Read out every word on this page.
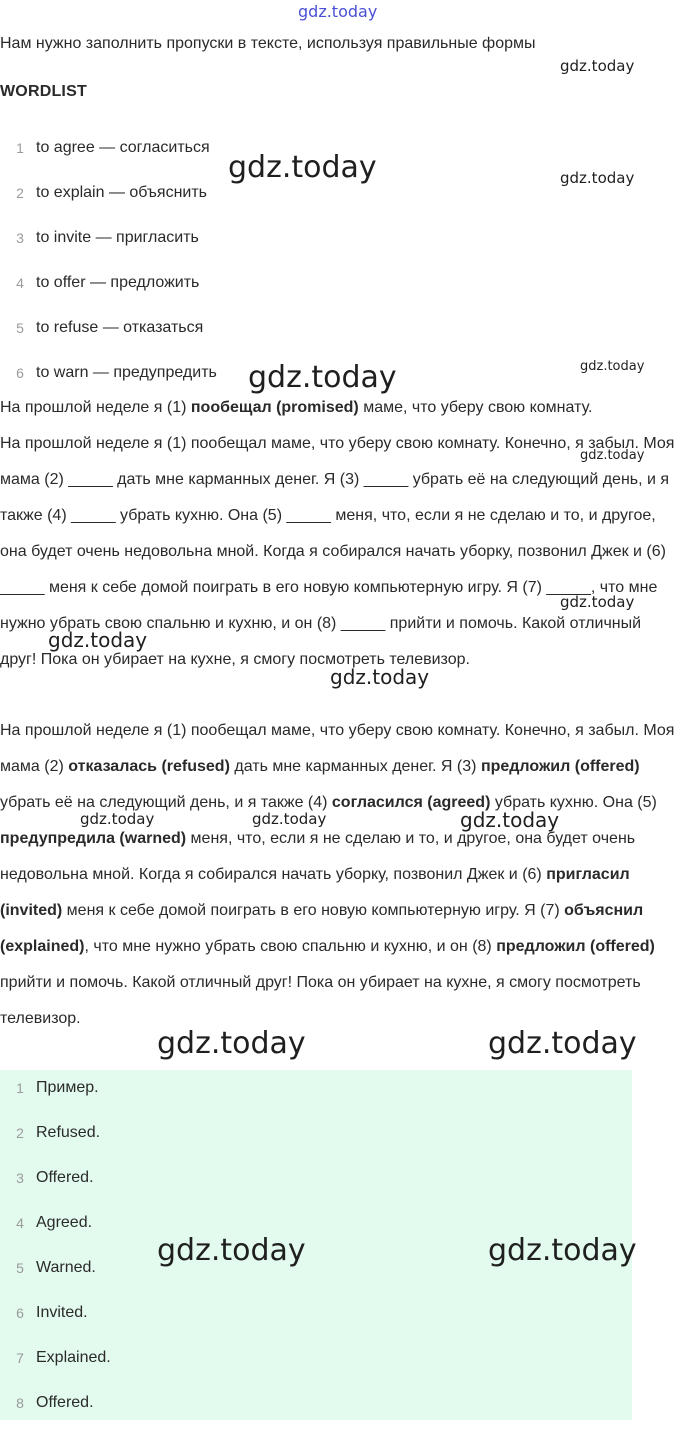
Нам нужно заполнить пропуски в тексте, используя правильные формы
WORDLIST
1 to agree — согласиться
2 to explain — объяснить
3 to invite — пригласить
4 to offer — предложить
5 to refuse — отказаться
6 to warn — предупредить

На прошлой неделе я (1) пообещал (promised) маме, что уберу свою комнату.

На прошлой неделе я (1) пообещал маме, что уберу свою комнату. Конечно, я забыл. Моя мама (2) _____ дать мне карманных денег. Я (3) _____ убрать её на следующий день, и я также (4) _____ убрать кухню. Она (5) _____ меня, что, если я не сделаю и то, и другое, она будет очень недовольна мной. Когда я собирался начать уборку, позвонил Джек и (6) _____ меня к себе домой поиграть в его новую компьютерную игру. Я (7) _____, что мне нужно убрать свою спальню и кухню, и он (8) _____ прийти и помочь. Какой отличный друг! Пока он убирает на кухне, я смогу посмотреть телевизор.

На прошлой неделе я (1) пообещал маме, что уберу свою комнату. Конечно, я забыл. Моя мама (2) отказалась (refused) дать мне карманных денег. Я (3) предложил (offered) убрать её на следующий день, и я также (4) согласился (agreed) убрать кухню. Она (5) предупредила (warned) меня, что, если я не сделаю и то, и другое, она будет очень недовольна мной. Когда я собирался начать уборку, позвонил Джек и (6) пригласил (invited) меня к себе домой поиграть в его новую компьютерную игру. Я (7) объяснил (explained), что мне нужно убрать свою спальню и кухню, и он (8) предложил (offered) прийти и помочь. Какой отличный друг! Пока он убирает на кухне, я смогу посмотреть телевизор.

1 Пример.
2 Refused.
3 Offered.
4 Agreed.
5 Warned.
6 Invited.
7 Explained.
8 Offered.
gdz.today
gdz.today
gdz.today	gdz.today
gdz.today	gdz.today
gdz.today
gdz.today
gdz.today
gdz.today
gdz.today	gdz.today	gdz.today
gdz.today	gdz.today
gdz.today	gdz.today
